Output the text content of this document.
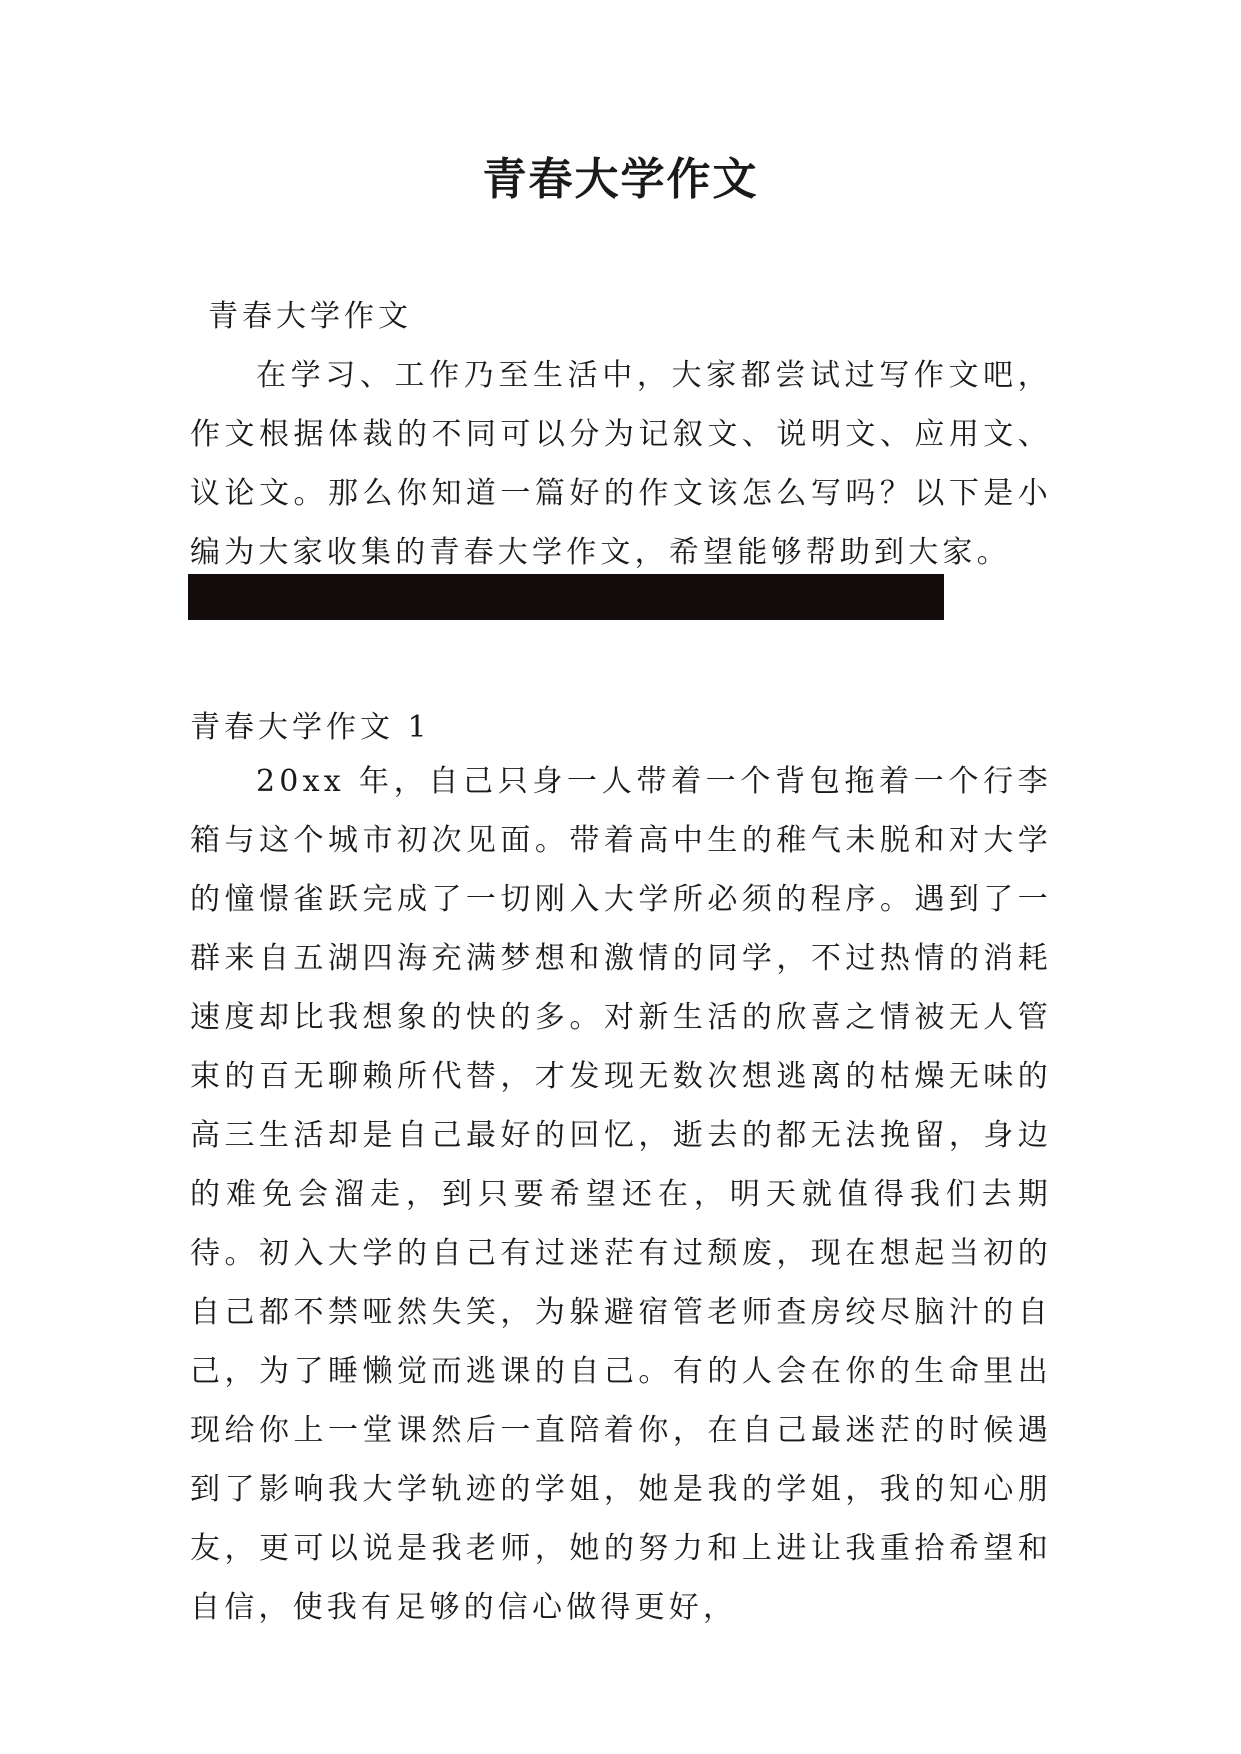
青春大学作文
青春大学作文

在学习、工作乃至生活中，大家都尝试过写作文吧，作文根据体裁的不同可以分为记叙文、说明文、应用文、议论文。那么你知道一篇好的作文该怎么写吗？以下是小编为大家收集的青春大学作文，希望能够帮助到大家。

青春大学作文 1

20xx 年，自己只身一人带着一个背包拖着一个行李箱与这个城市初次见面。带着高中生的稚气未脱和对大学的憧憬雀跃完成了一切刚入大学所必须的程序。遇到了一群来自五湖四海充满梦想和激情的同学，不过热情的消耗速度却比我想象的快的多。对新生活的欣喜之情被无人管束的百无聊赖所代替，才发现无数次想逃离的枯燥无味的高三生活却是自己最好的回忆，逝去的都无法挽留，身边的难免会溜走，到只要希望还在，明天就值得我们去期待。初入大学的自己有过迷茫有过颓废，现在想起当初的自己都不禁哑然失笑，为躲避宿管老师查房绞尽脑汁的自己，为了睡懒觉而逃课的自己。有的人会在你的生命里出现给你上一堂课然后一直陪着你，在自己最迷茫的时候遇到了影响我大学轨迹的学姐，她是我的学姐，我的知心朋友，更可以说是我老师，她的努力和上进让我重拾希望和自信，使我有足够的信心做得更好，
